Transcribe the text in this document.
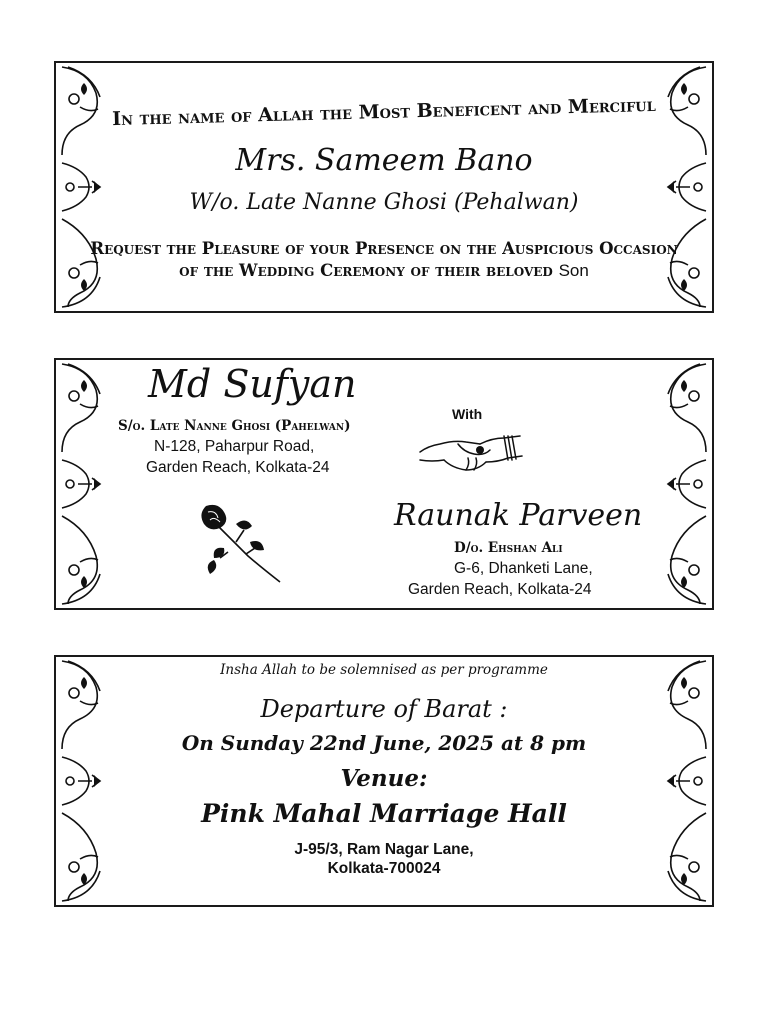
In the name of Allah the Most Beneficent and Merciful
Mrs. Sameem Bano
W/o. Late Nanne Ghosi (Pehalwan)
Request the Pleasure of your Presence on the Auspicious Occasion
of the Wedding Ceremony of their beloved Son
Md Sufyan
S/o. Late Nanne Ghosi (Pahelwan)
N-128, Paharpur Road,
Garden Reach, Kolkata-24
With
Raunak Parveen
D/o. Ehshan Ali
G-6, Dhanketi Lane,
Garden Reach, Kolkata-24
Insha Allah to be solemnised as per programme
Departure of Barat :
On Sunday 22nd June, 2025 at 8 pm
Venue:
Pink Mahal Marriage Hall
J-95/3, Ram Nagar Lane,
Kolkata-700024
